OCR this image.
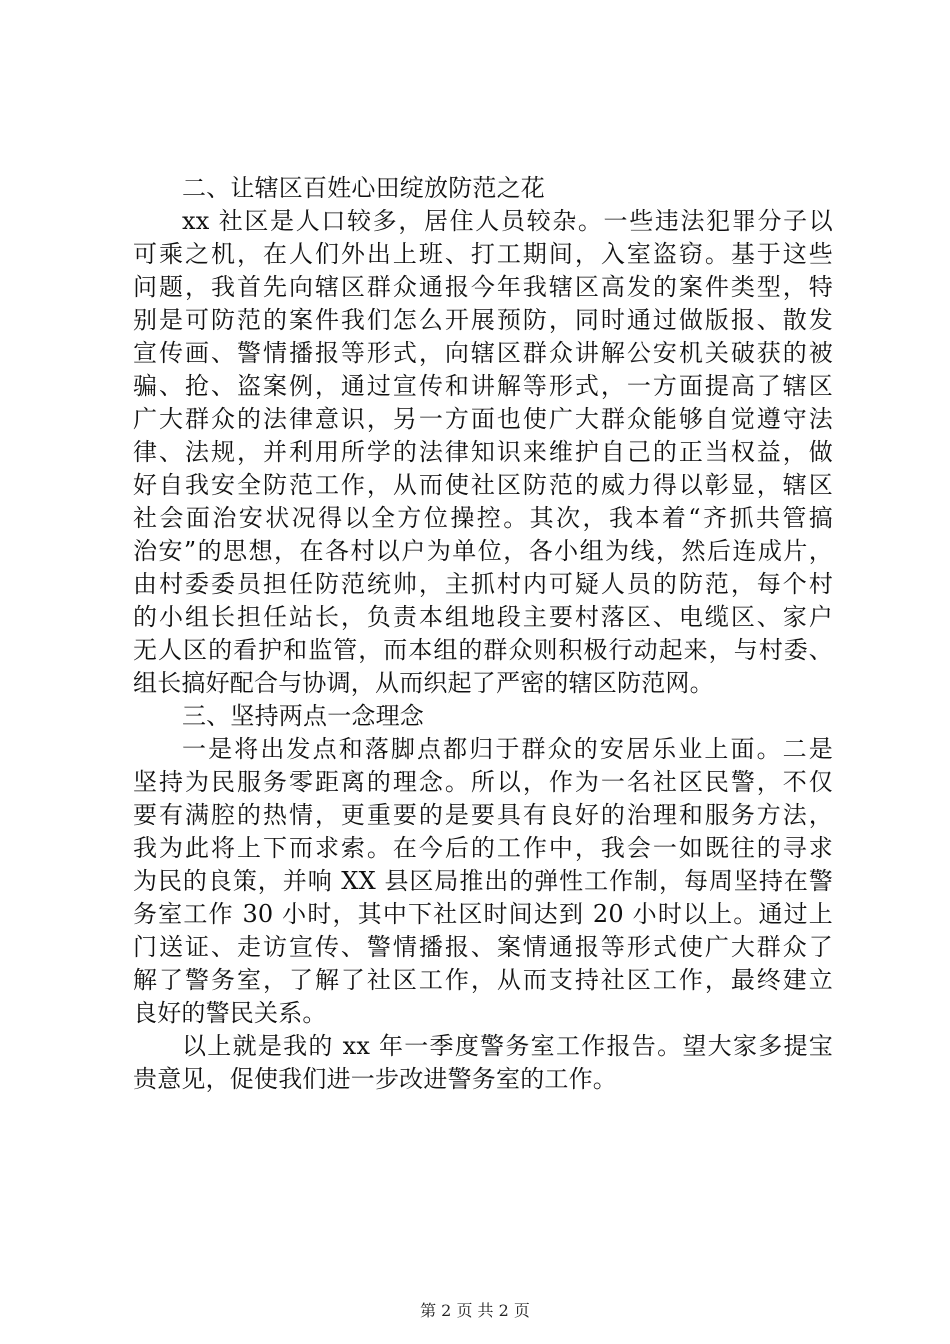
二、让辖区百姓心田绽放防范之花
xx 社区是人口较多，居住人员较杂。一些违法犯罪分子以
可乘之机，在人们外出上班、打工期间，入室盗窃。基于这些
问题，我首先向辖区群众通报今年我辖区高发的案件类型，特
别是可防范的案件我们怎么开展预防，同时通过做版报、散发
宣传画、警情播报等形式，向辖区群众讲解公安机关破获的被
骗、抢、盗案例，通过宣传和讲解等形式，一方面提高了辖区
广大群众的法律意识，另一方面也使广大群众能够自觉遵守法
律、法规，并利用所学的法律知识来维护自己的正当权益，做
好自我安全防范工作，从而使社区防范的威力得以彰显，辖区
社会面治安状况得以全方位操控。其次，我本着“齐抓共管搞
治安”的思想，在各村以户为单位，各小组为线，然后连成片，
由村委委员担任防范统帅，主抓村内可疑人员的防范，每个村
的小组长担任站长，负责本组地段主要村落区、电缆区、家户
无人区的看护和监管，而本组的群众则积极行动起来，与村委、
组长搞好配合与协调，从而织起了严密的辖区防范网。
三、坚持两点一念理念
一是将出发点和落脚点都归于群众的安居乐业上面。二是
坚持为民服务零距离的理念。所以，作为一名社区民警，不仅
要有满腔的热情，更重要的是要具有良好的治理和服务方法，
我为此将上下而求索。在今后的工作中，我会一如既往的寻求
为民的良策，并响 XX 县区局推出的弹性工作制，每周坚持在警
务室工作 30 小时，其中下社区时间达到 20 小时以上。通过上
门送证、走访宣传、警情播报、案情通报等形式使广大群众了
解了警务室，了解了社区工作，从而支持社区工作，最终建立
良好的警民关系。
以上就是我的 xx 年一季度警务室工作报告。望大家多提宝
贵意见，促使我们进一步改进警务室的工作。
第 2 页 共 2 页
